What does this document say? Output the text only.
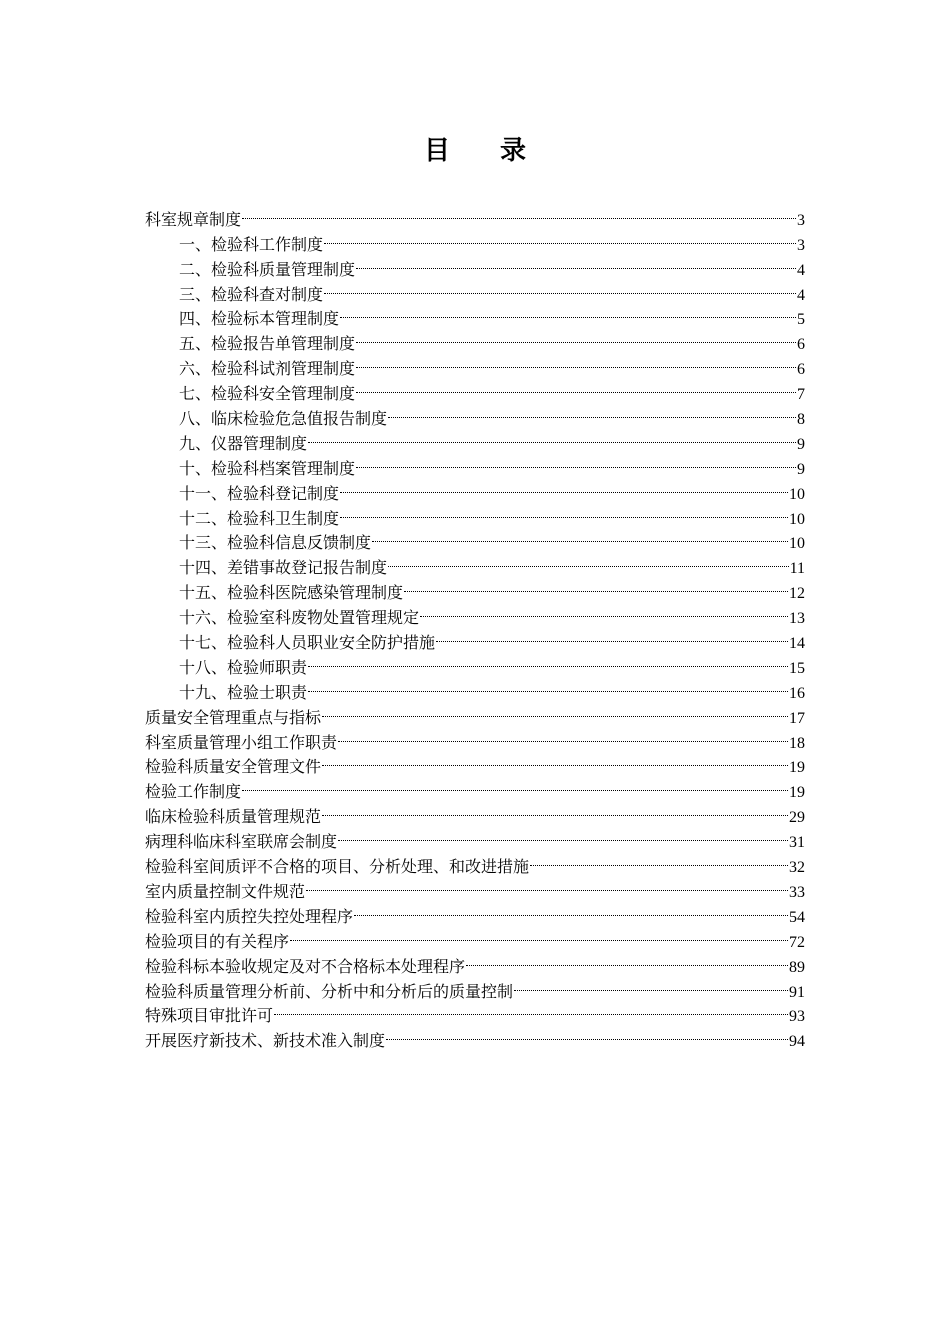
目 录
科室规章制度	3
一、检验科工作制度	3
二、检验科质量管理制度	4
三、检验科查对制度	4
四、检验标本管理制度	5
五、检验报告单管理制度	6
六、检验科试剂管理制度	6
七、检验科安全管理制度	7
八、临床检验危急值报告制度	8
九、仪器管理制度	9
十、检验科档案管理制度	9
十一、检验科登记制度	10
十二、检验科卫生制度	10
十三、检验科信息反馈制度	10
十四、差错事故登记报告制度	11
十五、检验科医院感染管理制度	12
十六、检验室科废物处置管理规定	13
十七、检验科人员职业安全防护措施	14
十八、检验师职责	15
十九、检验士职责	16
质量安全管理重点与指标	17
科室质量管理小组工作职责	18
检验科质量安全管理文件	19
检验工作制度	19
临床检验科质量管理规范	29
病理科临床科室联席会制度	31
检验科室间质评不合格的项目、分析处理、和改进措施	32
室内质量控制文件规范	33
检验科室内质控失控处理程序	54
检验项目的有关程序	72
检验科标本验收规定及对不合格标本处理程序	89
检验科质量管理分析前、分析中和分析后的质量控制	91
特殊项目审批许可	93
开展医疗新技术、新技术准入制度	94
